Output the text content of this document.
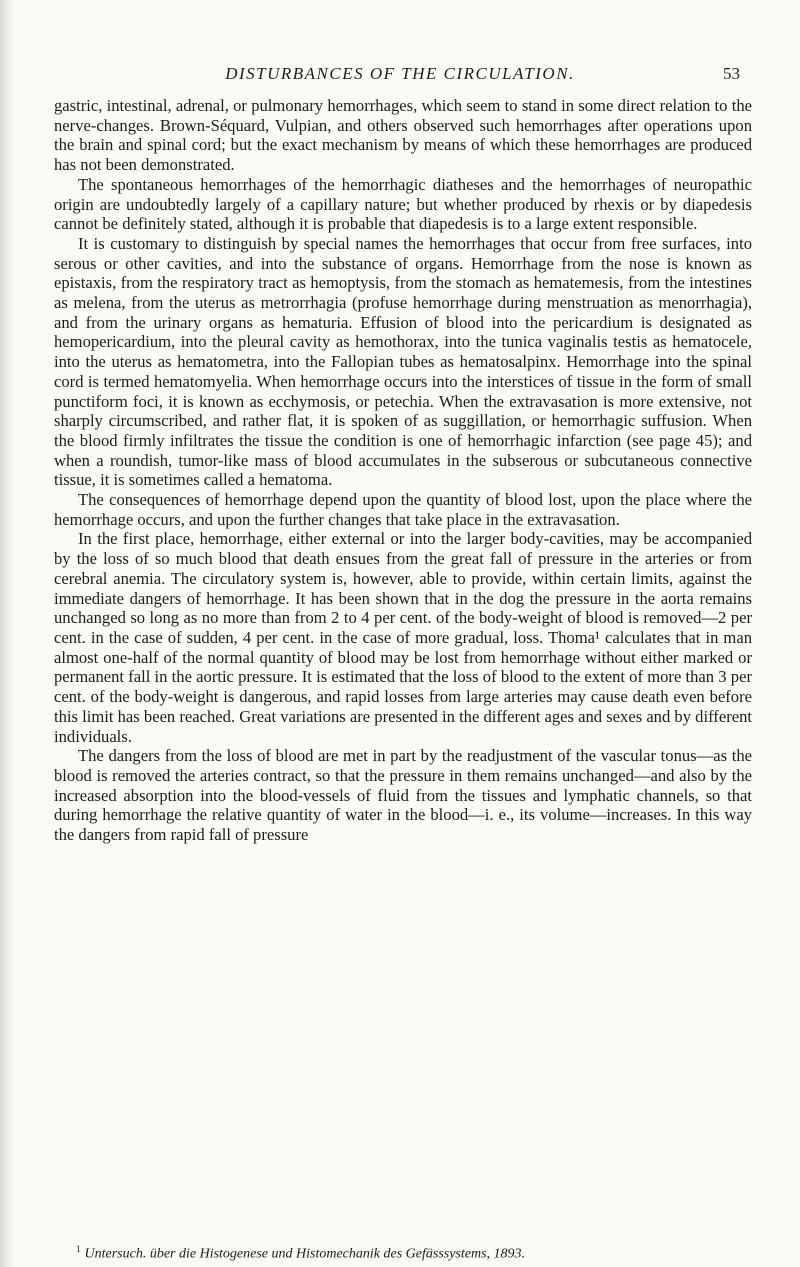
DISTURBANCES OF THE CIRCULATION.	53

gastric, intestinal, adrenal, or pulmonary hemorrhages, which seem to stand in some direct relation to the nerve-changes. Brown-Séquard, Vulpian, and others observed such hemorrhages after operations upon the brain and spinal cord; but the exact mechanism by means of which these hemorrhages are produced has not been demonstrated.

The spontaneous hemorrhages of the hemorrhagic diatheses and the hemorrhages of neuropathic origin are undoubtedly largely of a capillary nature; but whether produced by rhexis or by diapedesis cannot be definitely stated, although it is probable that diapedesis is to a large extent responsible.

It is customary to distinguish by special names the hemorrhages that occur from free surfaces, into serous or other cavities, and into the substance of organs. Hemorrhage from the nose is known as epistaxis, from the respiratory tract as hemoptysis, from the stomach as hematemesis, from the intestines as melena, from the uterus as metrorrhagia (profuse hemorrhage during menstruation as menorrhagia), and from the urinary organs as hematuria. Effusion of blood into the pericardium is designated as hemopericardium, into the pleural cavity as hemothorax, into the tunica vaginalis testis as hematocele, into the uterus as hematometra, into the Fallopian tubes as hematosalpinx. Hemorrhage into the spinal cord is termed hematomyelia. When hemorrhage occurs into the interstices of tissue in the form of small punctiform foci, it is known as ecchymosis, or petechia. When the extravasation is more extensive, not sharply circumscribed, and rather flat, it is spoken of as suggillation, or hemorrhagic suffusion. When the blood firmly infiltrates the tissue the condition is one of hemorrhagic infarction (see page 45); and when a roundish, tumor-like mass of blood accumulates in the subserous or subcutaneous connective tissue, it is sometimes called a hematoma.

The consequences of hemorrhage depend upon the quantity of blood lost, upon the place where the hemorrhage occurs, and upon the further changes that take place in the extravasation.

In the first place, hemorrhage, either external or into the larger body-cavities, may be accompanied by the loss of so much blood that death ensues from the great fall of pressure in the arteries or from cerebral anemia. The circulatory system is, however, able to provide, within certain limits, against the immediate dangers of hemorrhage. It has been shown that in the dog the pressure in the aorta remains unchanged so long as no more than from 2 to 4 per cent. of the body-weight of blood is removed—2 per cent. in the case of sudden, 4 per cent. in the case of more gradual, loss. Thoma¹ calculates that in man almost one-half of the normal quantity of blood may be lost from hemorrhage without either marked or permanent fall in the aortic pressure. It is estimated that the loss of blood to the extent of more than 3 per cent. of the body-weight is dangerous, and rapid losses from large arteries may cause death even before this limit has been reached. Great variations are presented in the different ages and sexes and by different individuals.

The dangers from the loss of blood are met in part by the readjustment of the vascular tonus—as the blood is removed the arteries contract, so that the pressure in them remains unchanged—and also by the increased absorption into the blood-vessels of fluid from the tissues and lymphatic channels, so that during hemorrhage the relative quantity of water in the blood—i. e., its volume—increases. In this way the dangers from rapid fall of pressure

$^1$ Untersuch. über die Histogenese und Histomechanik des Gefässsystems, 1893.
